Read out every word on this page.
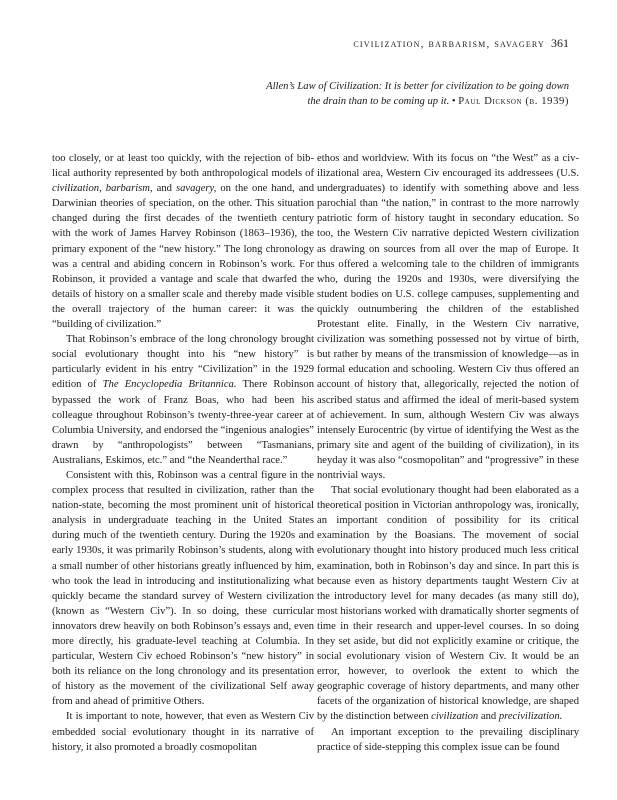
civilization, barbarism, savagery 361
Allen’s Law of Civilization: It is better for civilization to be going down
the drain than to be coming up it. • Paul Dickson (b. 1939)

too closely, or at least too quickly, with the rejection of biblical authority represented by both anthropological models of civilization, barbarism, and savagery, on the one hand, and Darwinian theories of speciation, on the other. This situation changed during the first decades of the twentieth century with the work of James Harvey Robinson (1863–1936), the primary exponent of the “new history.” The long chronology was a central and abiding concern in Robinson’s work. For Robinson, it provided a vantage and scale that dwarfed the details of history on a smaller scale and thereby made visible the overall trajectory of the human career: it was the “building of civilization.”

That Robinson’s embrace of the long chronology brought social evolutionary thought into his “new history” is particularly evident in his entry “Civilization” in the 1929 edition of The Encyclopedia Britannica. There Robinson bypassed the work of Franz Boas, who had been his colleague throughout Robinson’s twenty-three-year career at Columbia University, and endorsed the “ingenious analogies” drawn by “anthropologists” between “Tasmanians, Australians, Eskimos, etc.” and “the Neanderthal race.”

Consistent with this, Robinson was a central figure in the complex process that resulted in civilization, rather than the nation-state, becoming the most prominent unit of historical analysis in undergraduate teaching in the United States during much of the twentieth century. During the 1920s and early 1930s, it was primarily Robinson’s students, along with a small number of other historians greatly influenced by him, who took the lead in introducing and institutionalizing what quickly became the standard survey of Western civilization (known as “Western Civ”). In so doing, these curricular innovators drew heavily on both Robinson’s essays and, even more directly, his graduate-level teaching at Columbia. In particular, Western Civ echoed Robinson’s “new history” in both its reliance on the long chronology and its presentation of history as the movement of the civilizational Self away from and ahead of primitive Others.

It is important to note, however, that even as Western Civ embedded social evolutionary thought in its narrative of history, it also promoted a broadly cosmopolitan

ethos and worldview. With its focus on “the West” as a civilizational area, Western Civ encouraged its addressees (U.S. undergraduates) to identify with something above and less parochial than “the nation,” in contrast to the more narrowly patriotic form of history taught in secondary education. So too, the Western Civ narrative depicted Western civilization as drawing on sources from all over the map of Europe. It thus offered a welcoming tale to the children of immigrants who, during the 1920s and 1930s, were diversifying the student bodies on U.S. college campuses, supplementing and quickly outnumbering the children of the established Protestant elite. Finally, in the Western Civ narrative, civilization was something possessed not by virtue of birth, but rather by means of the transmission of knowledge—as in formal education and schooling. Western Civ thus offered an account of history that, allegorically, rejected the notion of ascribed status and affirmed the ideal of merit-based system of achievement. In sum, although Western Civ was always intensely Eurocentric (by virtue of identifying the West as the primary site and agent of the building of civilization), in its heyday it was also “cosmopolitan” and “progressive” in these nontrivial ways.

That social evolutionary thought had been elaborated as a theoretical position in Victorian anthropology was, ironically, an important condition of possibility for its critical examination by the Boasians. The movement of social evolutionary thought into history produced much less critical examination, both in Robinson’s day and since. In part this is because even as history departments taught Western Civ at the introductory level for many decades (as many still do), most historians worked with dramatically shorter segments of time in their research and upper-level courses. In so doing they set aside, but did not explicitly examine or critique, the social evolutionary vision of Western Civ. It would be an error, however, to overlook the extent to which the geographic coverage of history departments, and many other facets of the organization of historical knowledge, are shaped by the distinction between civilization and precivilization.

An important exception to the prevailing disciplinary practice of side-stepping this complex issue can be found
